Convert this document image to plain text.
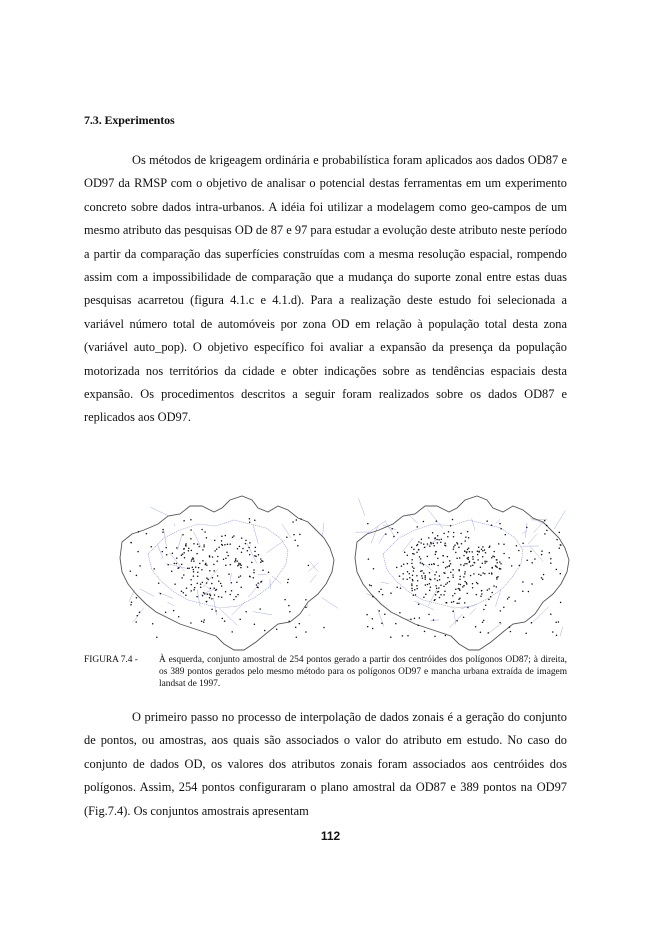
7.3. Experimentos

Os métodos de krigeagem ordinária e probabilística foram aplicados aos dados OD87 e OD97 da RMSP com o objetivo de analisar o potencial destas ferramentas em um experimento concreto sobre dados intra-urbanos. A idéia foi utilizar a modelagem como geo-campos de um mesmo atributo das pesquisas OD de 87 e 97 para estudar a evolução deste atributo neste período a partir da comparação das superfícies construídas com a mesma resolução espacial, rompendo assim com a impossibilidade de comparação que a mudança do suporte zonal entre estas duas pesquisas acarretou (figura 4.1.c e 4.1.d). Para a realização deste estudo foi selecionada a variável número total de automóveis por zona OD em relação à população total desta zona (variável auto_pop). O objetivo específico foi avaliar a expansão da presença da população motorizada nos territórios da cidade e obter indicações sobre as tendências espaciais desta expansão. Os procedimentos descritos a seguir foram realizados sobre os dados OD87 e replicados aos OD97.

FIGURA 7.4 -	À esquerda, conjunto amostral de 254 pontos gerado a partir dos centróides dos polígonos OD87; à direita, os 389 pontos gerados pelo mesmo método para os polígonos OD97 e mancha urbana extraída de imagem landsat de 1997.

O primeiro passo no processo de interpolação de dados zonais é a geração do conjunto de pontos, ou amostras, aos quais são associados o valor do atributo em estudo. No caso do conjunto de dados OD, os valores dos atributos zonais foram associados aos centróides dos polígonos. Assim, 254 pontos configuraram o plano amostral da OD87 e 389 pontos na OD97 (Fig.7.4). Os conjuntos amostrais apresentam

112
